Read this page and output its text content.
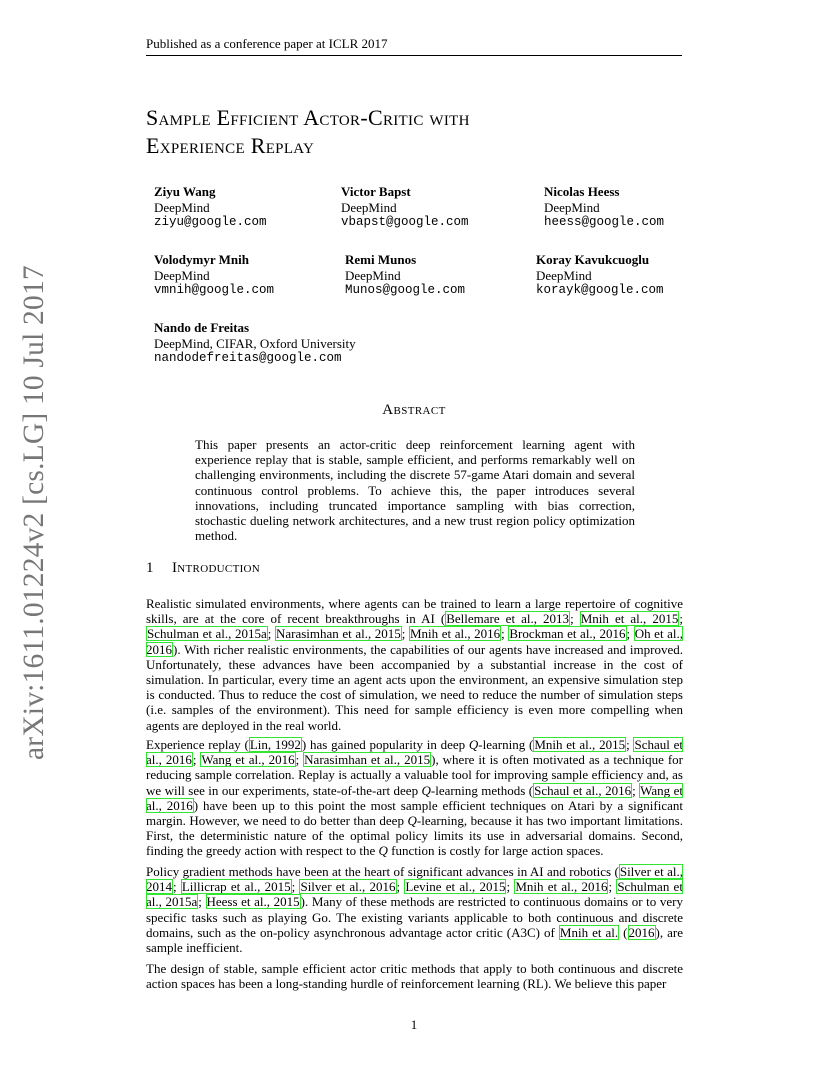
Published as a conference paper at ICLR 2017
arXiv:1611.01224v2 [cs.LG] 10 Jul 2017
Sample Efficient Actor-Critic with
Experience Replay
Ziyu Wang
DeepMind
ziyu@google.com
Victor Bapst
DeepMind
vbapst@google.com
Nicolas Heess
DeepMind
heess@google.com
Volodymyr Mnih
DeepMind
vmnih@google.com
Remi Munos
DeepMind
Munos@google.com
Koray Kavukcuoglu
DeepMind
korayk@google.com
Nando de Freitas
DeepMind, CIFAR, Oxford University
nandodefreitas@google.com
Abstract
This paper presents an actor-critic deep reinforcement learning agent with experience replay that is stable, sample efficient, and performs remarkably well on challenging environments, including the discrete 57-game Atari domain and several continuous control problems. To achieve this, the paper introduces several innovations, including truncated importance sampling with bias correction, stochastic dueling network architectures, and a new trust region policy optimization method.
1 Introduction
Realistic simulated environments, where agents can be trained to learn a large repertoire of cognitive skills, are at the core of recent breakthroughs in AI (Bellemare et al., 2013; Mnih et al., 2015; Schulman et al., 2015a; Narasimhan et al., 2015; Mnih et al., 2016; Brockman et al., 2016; Oh et al., 2016). With richer realistic environments, the capabilities of our agents have increased and improved. Unfortunately, these advances have been accompanied by a substantial increase in the cost of simulation. In particular, every time an agent acts upon the environment, an expensive simulation step is conducted. Thus to reduce the cost of simulation, we need to reduce the number of simulation steps (i.e. samples of the environment). This need for sample efficiency is even more compelling when agents are deployed in the real world.
Experience replay (Lin, 1992) has gained popularity in deep Q-learning (Mnih et al., 2015; Schaul et al., 2016; Wang et al., 2016; Narasimhan et al., 2015), where it is often motivated as a technique for reducing sample correlation. Replay is actually a valuable tool for improving sample efficiency and, as we will see in our experiments, state-of-the-art deep Q-learning methods (Schaul et al., 2016; Wang et al., 2016) have been up to this point the most sample efficient techniques on Atari by a significant margin. However, we need to do better than deep Q-learning, because it has two important limitations. First, the deterministic nature of the optimal policy limits its use in adversarial domains. Second, finding the greedy action with respect to the Q function is costly for large action spaces.
Policy gradient methods have been at the heart of significant advances in AI and robotics (Silver et al., 2014; Lillicrap et al., 2015; Silver et al., 2016; Levine et al., 2015; Mnih et al., 2016; Schulman et al., 2015a; Heess et al., 2015). Many of these methods are restricted to continuous domains or to very specific tasks such as playing Go. The existing variants applicable to both continuous and discrete domains, such as the on-policy asynchronous advantage actor critic (A3C) of Mnih et al. (2016), are sample inefficient.
The design of stable, sample efficient actor critic methods that apply to both continuous and discrete action spaces has been a long-standing hurdle of reinforcement learning (RL). We believe this paper
1
